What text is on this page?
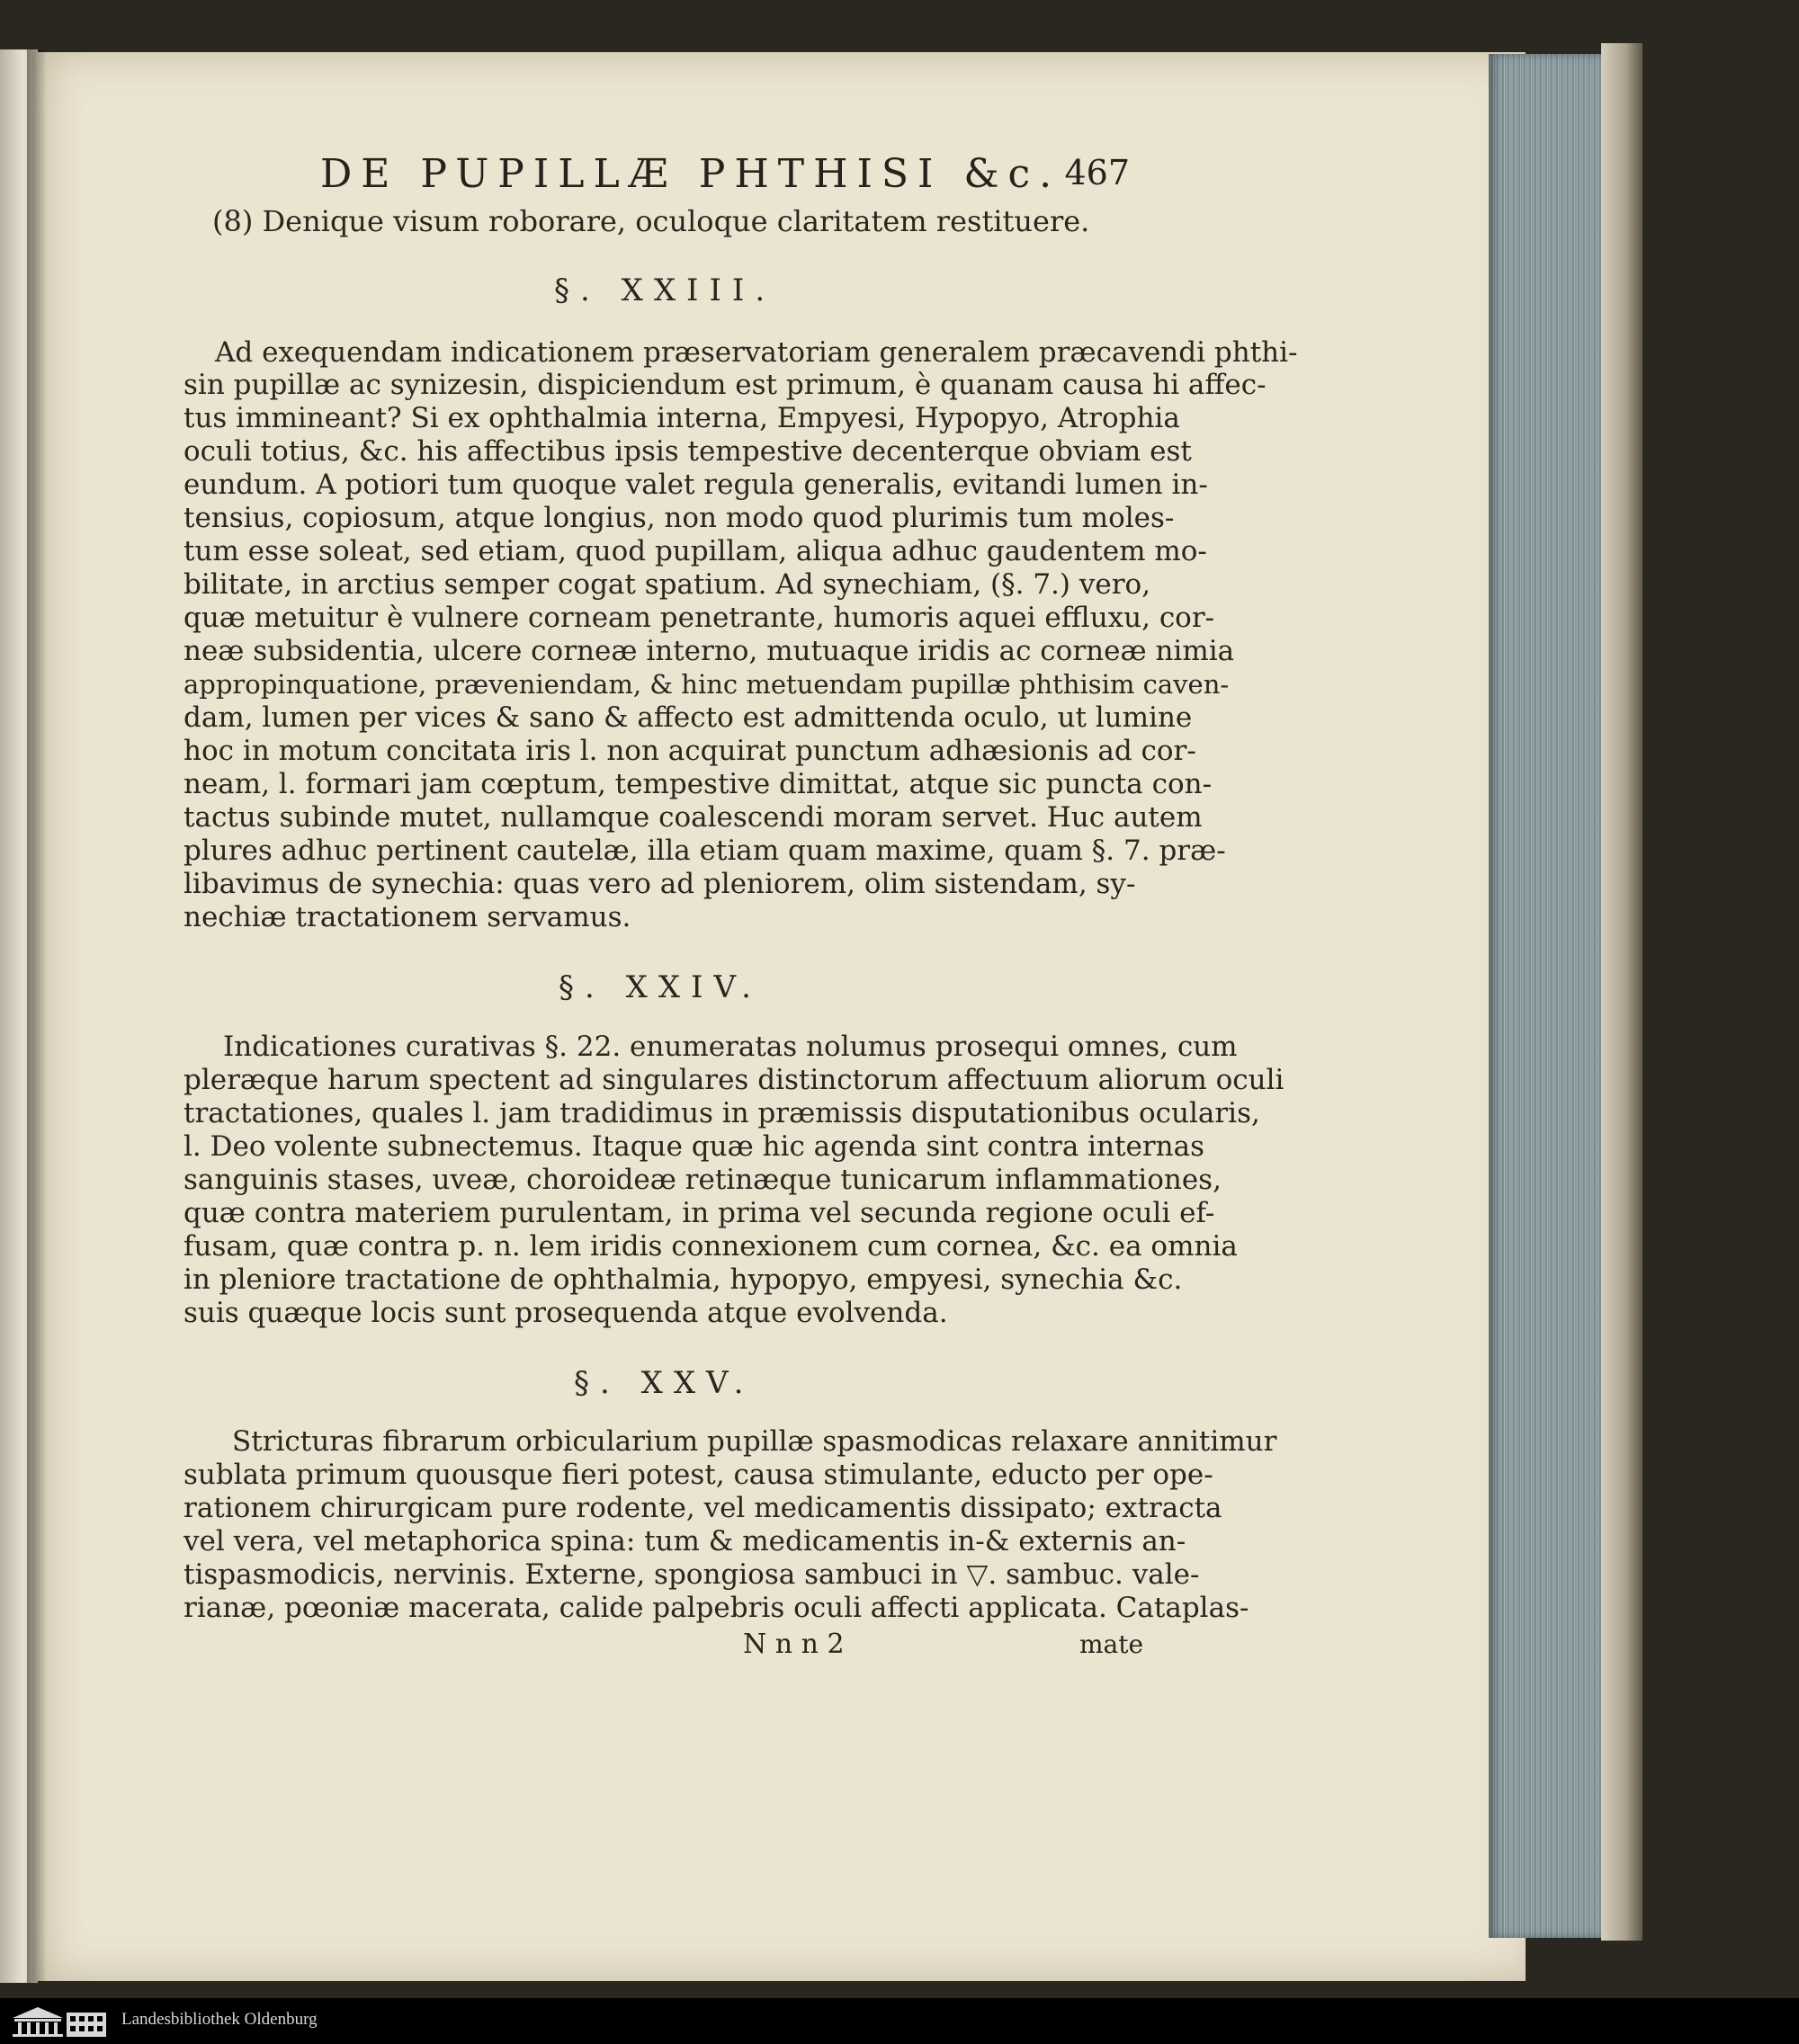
DE PUPILLÆ PHTHISI &c. 467
(8) Denique visum roborare, oculoque claritatem restituere.
§. XXIII.
Ad exequendam indicationem præservatoriam generalem præcavendi phthi-
sin pupillæ ac synizesin, dispiciendum est primum, è quanam causa hi affec-
tus immineant? Si ex ophthalmia interna, Empyesi, Hypopyo, Atrophia
oculi totius, &c. his affectibus ipsis tempestive decenterque obviam est
eundum. A potiori tum quoque valet regula generalis, evitandi lumen in-
tensius, copiosum, atque longius, non modo quod plurimis tum moles-
tum esse soleat, sed etiam, quod pupillam, aliqua adhuc gaudentem mo-
bilitate, in arctius semper cogat spatium. Ad synechiam, (§. 7.) vero,
quæ metuitur è vulnere corneam penetrante, humoris aquei effluxu, cor-
neæ subsidentia, ulcere corneæ interno, mutuaque iridis ac corneæ nimia
appropinquatione, præveniendam, & hinc metuendam pupillæ phthisim caven-
dam, lumen per vices & sano & affecto est admittenda oculo, ut lumine
hoc in motum concitata iris l. non acquirat punctum adhæsionis ad cor-
neam, l. formari jam cœptum, tempestive dimittat, atque sic puncta con-
tactus subinde mutet, nullamque coalescendi moram servet. Huc autem
plures adhuc pertinent cautelæ, illa etiam quam maxime, quam §. 7. præ-
libavimus de synechia: quas vero ad pleniorem, olim sistendam, sy-
nechiæ tractationem servamus.
§. XXIV.
Indicationes curativas §. 22. enumeratas nolumus prosequi omnes, cum
pleræque harum spectent ad singulares distinctorum affectuum aliorum oculi
tractationes, quales l. jam tradidimus in præmissis disputationibus ocularis,
l. Deo volente subnectemus. Itaque quæ hic agenda sint contra internas
sanguinis stases, uveæ, choroideæ retinæque tunicarum inflammationes,
quæ contra materiem purulentam, in prima vel secunda regione oculi ef-
fusam, quæ contra p. n. lem iridis connexionem cum cornea, &c. ea omnia
in pleniore tractatione de ophthalmia, hypopyo, empyesi, synechia &c.
suis quæque locis sunt prosequenda atque evolvenda.
§. XXV.
Stricturas fibrarum orbicularium pupillæ spasmodicas relaxare annitimur
sublata primum quousque fieri potest, causa stimulante, educto per ope-
rationem chirurgicam pure rodente, vel medicamentis dissipato; extracta
vel vera, vel metaphorica spina: tum & medicamentis in-& externis an-
tispasmodicis, nervinis. Externe, spongiosa sambuci in ▽. sambuc. vale-
rianæ, pœoniæ macerata, calide palpebris oculi affecti applicata. Cataplas-
N n n 2	mate
Landesbibliothek Oldenburg
